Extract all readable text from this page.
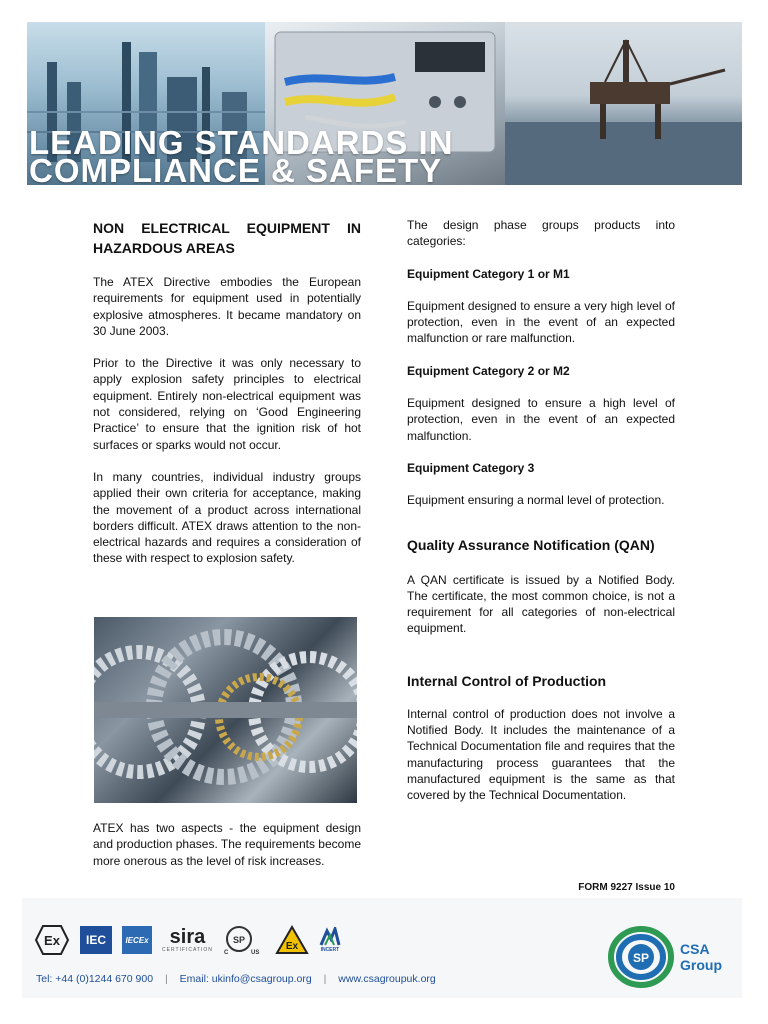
LEADING STANDARDS IN
COMPLIANCE & SAFETY
NON ELECTRICAL EQUIPMENT IN HAZARDOUS AREAS

The ATEX Directive embodies the European requirements for equipment used in potentially explosive atmospheres. It became mandatory on 30 June 2003.

Prior to the Directive it was only necessary to apply explosion safety principles to electrical equipment. Entirely non-electrical equipment was not considered, relying on ‘Good Engineering Practice’ to ensure that the ignition risk of hot surfaces or sparks would not occur.

In many countries, individual industry groups applied their own criteria for acceptance, making the movement of a product across international borders difficult. ATEX draws attention to the non-electrical hazards and requires a consideration of these with respect to explosion safety.

ATEX has two aspects - the equipment design and production phases. The requirements become more onerous as the level of risk increases.

The design phase groups products into categories:

Equipment Category 1 or M1

Equipment designed to ensure a very high level of protection, even in the event of an expected malfunction or rare malfunction.

Equipment Category 2 or M2

Equipment designed to ensure a high level of protection, even in the event of an expected malfunction.

Equipment Category 3

Equipment ensuring a normal level of protection.

Quality Assurance Notification (QAN)

A QAN certificate is issued by a Notified Body. The certificate, the most common choice, is not a requirement for all categories of non-electrical equipment.

Internal Control of Production

Internal control of production does not involve a Notified Body. It includes the maintenance of a Technical Documentation file and requires that the manufacturing process guarantees that the manufactured equipment is the same as that covered by the Technical Documentation.

FORM 9227 Issue 10
Ex	IEC	IECEx sira
CERTIFICATION
SP
C	US
Ex	INCERT
Tel: +44 (0)1244 670 900 | Email: ukinfo@csagroup.org | www.csagroupuk.org
SP
CSA
Group
